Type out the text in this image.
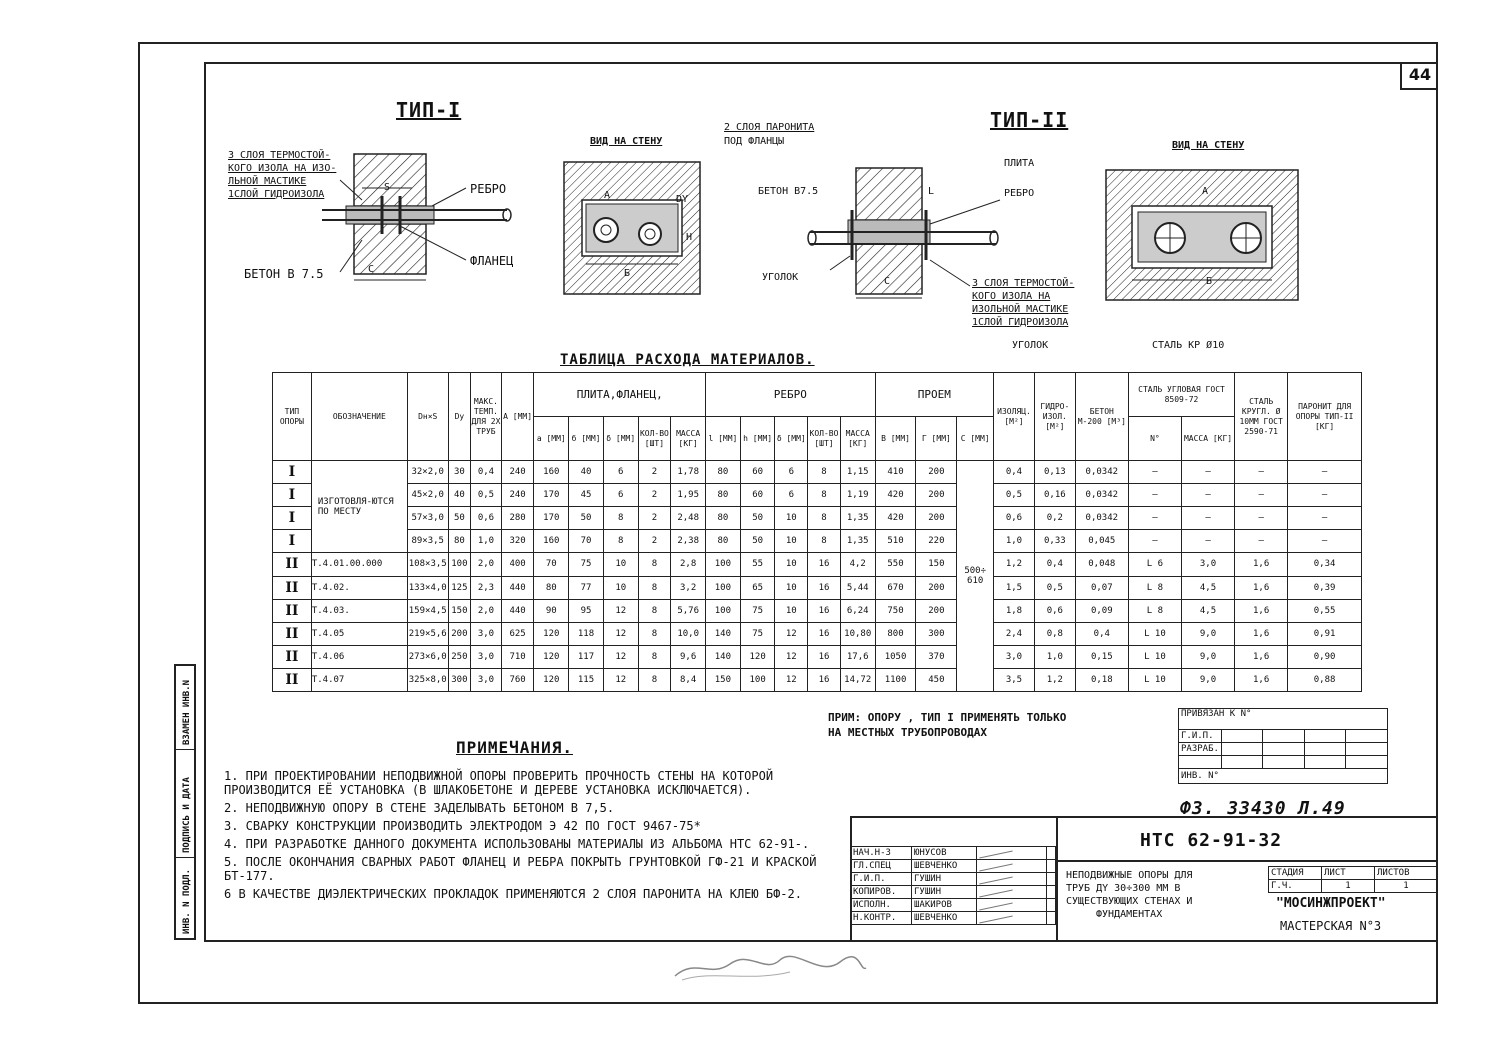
44
ТИП-I
ВИД НА СТЕНУ
3 СЛОЯ ТЕРМОСТОЙ-
КОГО ИЗОЛА НА ИЗО-
ЛЬНОЙ МАСТИКЕ
1СЛОЙ ГИДРОИЗОЛА	РЕБРО
ФЛАНЕЦ
БЕТОН В 7.5
S
C
А
Б
DY
H
ТИП-II
ВИД НА СТЕНУ
2 СЛОЯ ПАРОНИТА
ПОД ФЛАНЦЫ
ПЛИТА
РЕБРО
БЕТОН В7.5
УГОЛОК
3 СЛОЯ ТЕРМОСТОЙ-
КОГО ИЗОЛА НА
ИЗОЛЬНОЙ МАСТИКЕ
1СЛОЙ ГИДРОИЗОЛА
УГОЛОК	СТАЛЬ КР Ø10
C
L	А
Б
ТАБЛИЦА РАСХОДА МАТЕРИАЛОВ.
ТИП ОПОРЫ	ОБОЗНАЧЕНИЕ	Dн×S	Dу	МАКС. ТЕМП. ДЛЯ 2Х ТРУБ	А [ММ]	ПЛИТА,ФЛАНЕЦ,					РЕБРО					ПРОЕМ			ИЗОЛЯЦ. [М²]	ГИДРО-ИЗОЛ. [М²]	БЕТОН М-200 [М³]	СТАЛЬ УГЛОВАЯ ГОСТ 8509-72		СТАЛЬ КРУГЛ. Ø 10ММ ГОСТ 2590-71	ПАРОНИТ ДЛЯ ОПОРЫ ТИП-II [КГ]
						a [ММ]	б [ММ]	δ [ММ]	КОЛ-ВО [ШТ]	МАССА [КГ]	l [ММ]	h [ММ]	δ [ММ]	КОЛ-ВО [ШТ]	МАССА [КГ]	В [ММ]	Г [ММ]	С [ММ]				N°	МАССА [КГ]		
I	ИЗГОТОВЛЯ-ЮТСЯ ПО МЕСТУ	32×2,0	30	0,4	240	160	40	6	2	1,78	80	60	6	8	1,15	410	200	500÷ 610	0,4	0,13	0,0342	—	—	—	—
I		45×2,0	40	0,5	240	170	45	6	2	1,95	80	60	6	8	1,19	420	200		0,5	0,16	0,0342	—	—	—	—
I		57×3,0	50	0,6	280	170	50	8	2	2,48	80	50	10	8	1,35	420	200		0,6	0,2	0,0342	—	—	—	—
I		89×3,5	80	1,0	320	160	70	8	2	2,38	80	50	10	8	1,35	510	220		1,0	0,33	0,045	—	—	—	—
II	Т.4.01.00.000	108×3,5	100	2,0	400	70	75	10	8	2,8	100	55	10	16	4,2	550	150		1,2	0,4	0,048	L 6	3,0	1,6	0,34
II	Т.4.02.	133×4,0	125	2,3	440	80	77	10	8	3,2	100	65	10	16	5,44	670	200		1,5	0,5	0,07	L 8	4,5	1,6	0,39
II	Т.4.03.	159×4,5	150	2,0	440	90	95	12	8	5,76	100	75	10	16	6,24	750	200		1,8	0,6	0,09	L 8	4,5	1,6	0,55
II	Т.4.05	219×5,6	200	3,0	625	120	118	12	8	10,0	140	75	12	16	10,80	800	300		2,4	0,8	0,4	L 10	9,0	1,6	0,91
II	Т.4.06	273×6,0	250	3,0	710	120	117	12	8	9,6	140	120	12	16	17,6	1050	370		3,0	1,0	0,15	L 10	9,0	1,6	0,90
II	Т.4.07	325×8,0	300	3,0	760	120	115	12	8	8,4	150	100	12	16	14,72	1100	450		3,5	1,2	0,18	L 10	9,0	1,6	0,88
ПРИМ: ОПОРУ , ТИП I ПРИМЕНЯТЬ ТОЛЬКО
НА МЕСТНЫХ ТРУБОПРОВОДАХ
ПРИМЕЧАНИЯ.
1. ПРИ ПРОЕКТИРОВАНИИ НЕПОДВИЖНОЙ ОПОРЫ ПРОВЕРИТЬ ПРОЧНОСТЬ СТЕНЫ НА КОТОРОЙ ПРОИЗВОДИТСЯ ЕЁ УСТАНОВКА (В ШЛАКОБЕТОНЕ И ДЕРЕВЕ УСТАНОВКА ИСКЛЮЧАЕТСЯ).
2. НЕПОДВИЖНУЮ ОПОРУ В СТЕНЕ ЗАДЕЛЫВАТЬ БЕТОНОМ В 7,5.
3. СВАРКУ КОНСТРУКЦИИ ПРОИЗВОДИТЬ ЭЛЕКТРОДОМ Э 42 ПО ГОСТ 9467-75*
4. ПРИ РАЗРАБОТКЕ ДАННОГО ДОКУМЕНТА ИСПОЛЬЗОВАНЫ МАТЕРИАЛЫ ИЗ АЛЬБОМА НТС 62-91-.
5. ПОСЛЕ ОКОНЧАНИЯ СВАРНЫХ РАБОТ ФЛАНЕЦ И РЕБРА ПОКРЫТЬ ГРУНТОВКОЙ ГФ-21 И КРАСКОЙ БТ-177.
6 В КАЧЕСТВЕ ДИЭЛЕКТРИЧЕСКИХ ПРОКЛАДОК ПРИМЕНЯЮТСЯ 2 СЛОЯ ПАРОНИТА НА КЛЕЮ БФ-2.
ВЗАМЕН ИНВ.N
ПОДПИСЬ И ДАТА
ИНВ. N ПОДЛ.
ПРИВЯЗАН К N°				
Г.И.П.				
РАЗРАБ.				

ИНВ. N°				
ФЗ. 33430 Л.49
НАЧ.Н-3	ЮНУСОВ		
ГЛ.СПЕЦ	ШЕВЧЕНКО		
Г.И.П.	ГУШИН		
КОПИРОВ.	ГУШИН		
ИСПОЛН.	ШАКИРОВ		
Н.КОНТР.	ШЕВЧЕНКО		
НТС 62-91-32
НЕПОДВИЖНЫЕ ОПОРЫ ДЛЯ
ТРУБ ДY 30÷300 ММ В
СУЩЕСТВУЮЩИХ СТЕНАХ И
ФУНДАМЕНТАХ
СТАДИЯ	ЛИСТ	ЛИСТОВ
Г.Ч.	1	1
"МОСИНЖПРОЕКТ"
МАСТЕРСКАЯ N°3
